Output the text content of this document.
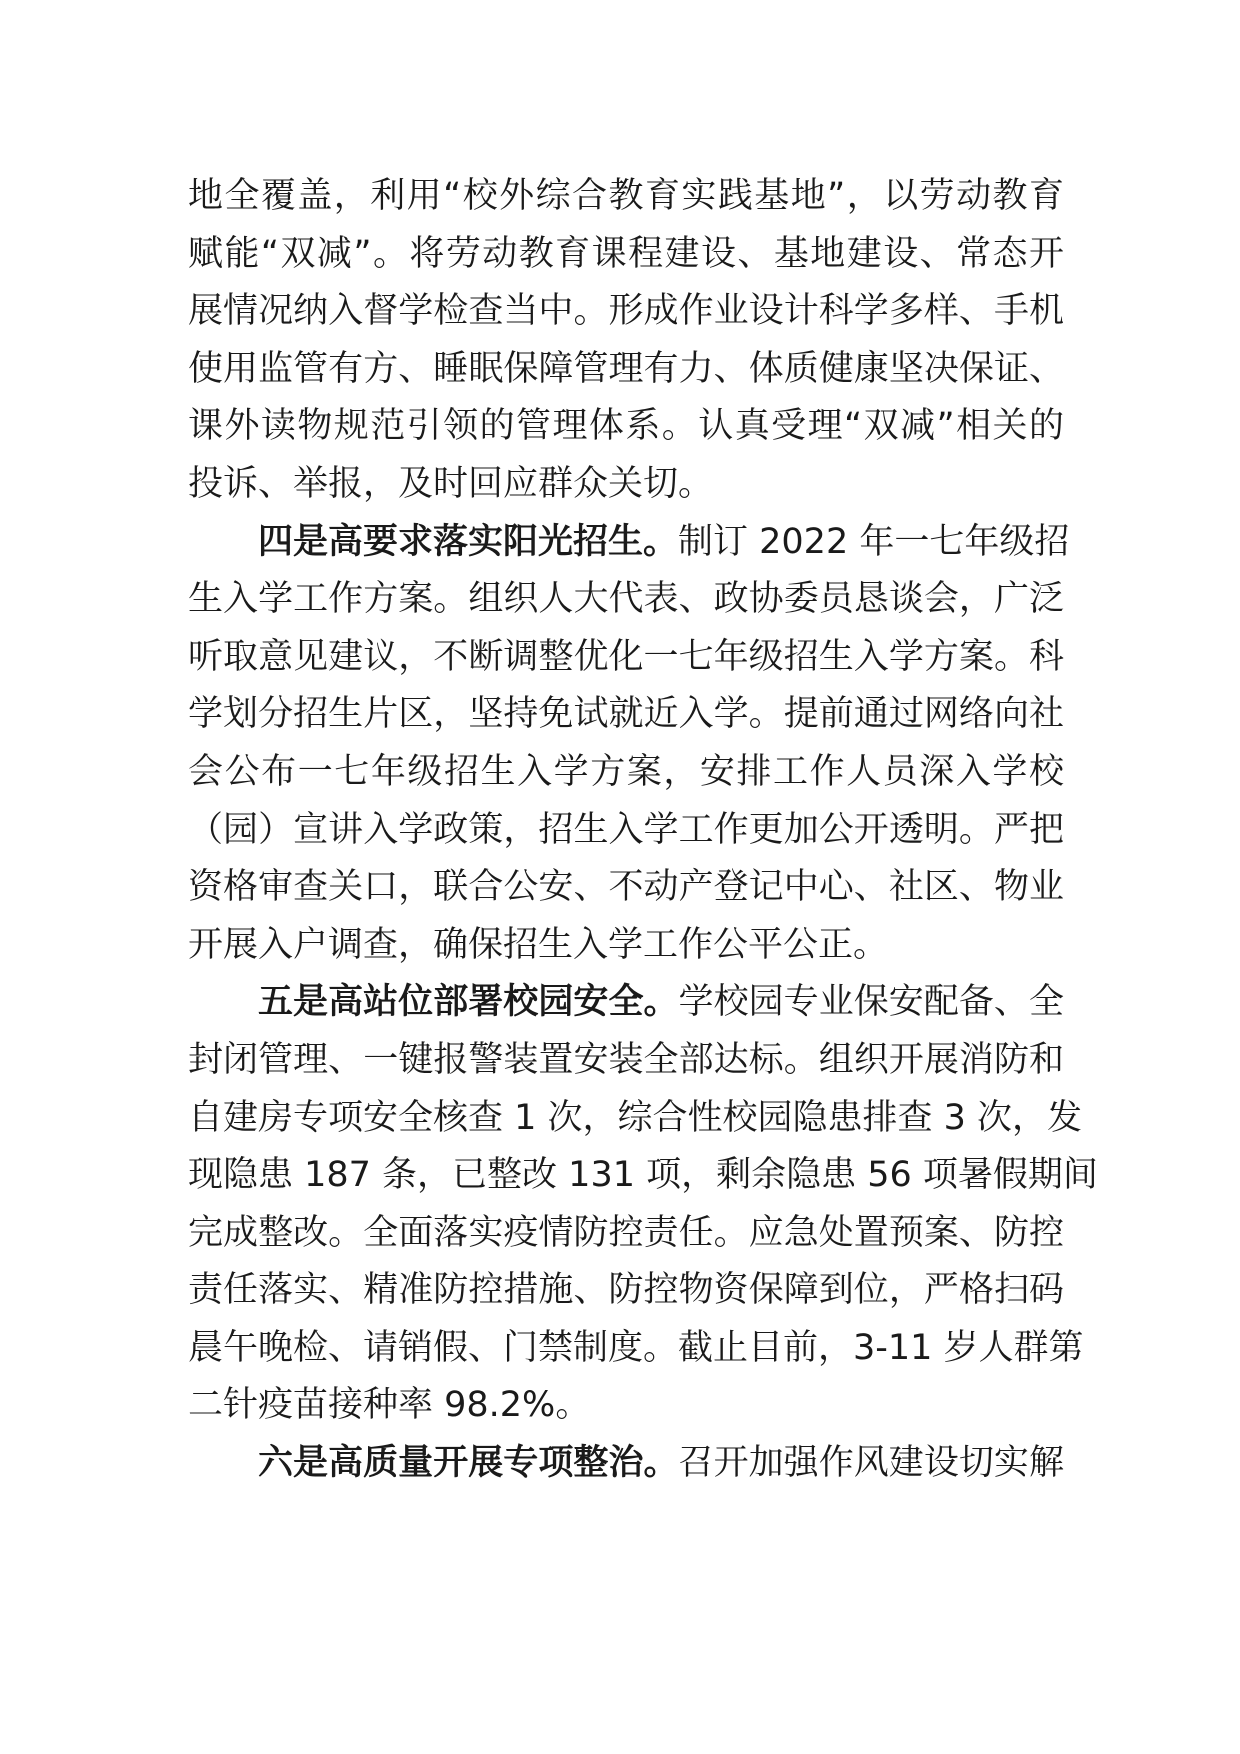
地全覆盖，利用“校外综合教育实践基地”，以劳动教育
赋能“双减”。将劳动教育课程建设、基地建设、常态开
展情况纳入督学检查当中。形成作业设计科学多样、手机
使用监管有方、睡眠保障管理有力、体质健康坚决保证、
课外读物规范引领的管理体系。认真受理“双减”相关的
投诉、举报，及时回应群众关切。
四是高要求落实阳光招生。制订 2022 年一七年级招
生入学工作方案。组织人大代表、政协委员恳谈会，广泛
听取意见建议，不断调整优化一七年级招生入学方案。科
学划分招生片区，坚持免试就近入学。提前通过网络向社
会公布一七年级招生入学方案，安排工作人员深入学校
（园）宣讲入学政策，招生入学工作更加公开透明。严把
资格审查关口，联合公安、不动产登记中心、社区、物业
开展入户调查，确保招生入学工作公平公正。
五是高站位部署校园安全。学校园专业保安配备、全
封闭管理、一键报警装置安装全部达标。组织开展消防和
自建房专项安全核查 1 次，综合性校园隐患排查 3 次，发
现隐患 187 条，已整改 131 项，剩余隐患 56 项暑假期间
完成整改。全面落实疫情防控责任。应急处置预案、防控
责任落实、精准防控措施、防控物资保障到位，严格扫码
晨午晚检、请销假、门禁制度。截止目前，3-11 岁人群第
二针疫苗接种率 98.2%。
六是高质量开展专项整治。召开加强作风建设切实解
